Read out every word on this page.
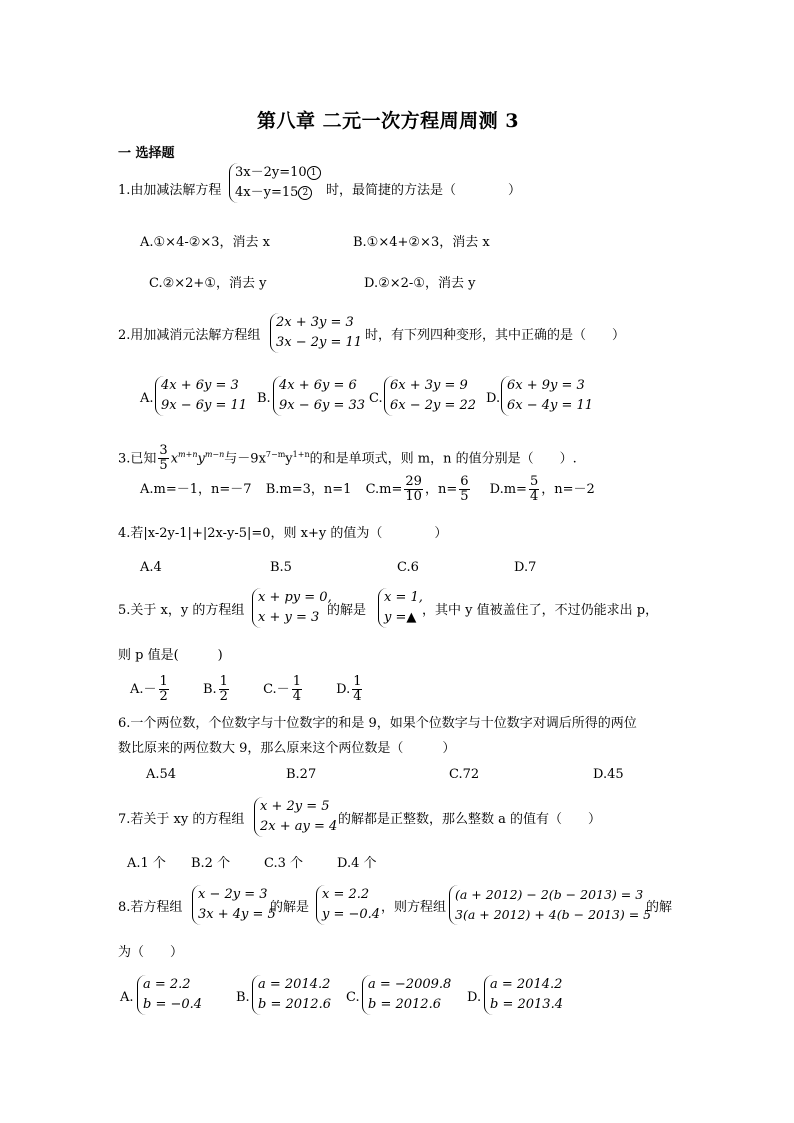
第八章 二元一次方程周周测 3
一 选择题
1.由加减法解方程
3x－2y=10 1
4x－y=15 2	时，最简捷的方法是（　　　　）
A.①×4-②×3，消去 x	B.①×4+②×3，消去 x
C.②×2+①，消去 y	D.②×2-①，消去 y
2.用加减消元法解方程组
2x + 3y = 3
3x − 2y = 11 时，有下列四种变形，其中正确的是（　　）
A.
4x + 6y = 3
9x − 6y = 11 B.
4x + 6y = 6
9x − 6y = 33 C.
6x + 3y = 9
6x − 2y = 22 D.
6x + 9y = 3
6x − 4y = 11
3.已知 $\frac{3}{5} x^{m+n}y^{m-n}$与$-9x^{7-m}y^{1+n}$的和是单项式，则 m，n 的值分别是（　　）.
A.m=－1，n=－7 B.m=3，n=1 $C.m= \frac{29}{10}$ ，$n= \frac{6}{5} D.m= \frac{5}{4}$ ，n=－2
4.若|x-2y-1|+|2x-y-5|=0，则 x+y 的值为（　　　　）
A.4	B.5	C.6	D.7
5.关于 x，y 的方程组
x + py = 0,
x + y = 3 的解是
x = 1,
y =▲ ，其中 y 值被盖住了，不过仍能求出 p，
则 p 值是(　　　)
$A.- \frac{1}{2}$	B. $\frac{1}{2}$	$C.- \frac{1}{4}$	D. $\frac{1}{4}$
6.一个两位数，个位数字与十位数字的和是 9，如果个位数字与十位数字对调后所得的两位
数比原来的两位数大 9，那么原来这个两位数是（　　　）
A.54	B.27	C.72	D.45
7.若关于 xy 的方程组
x + 2y = 5
2x + ay = 4 的解都是正整数，那么整数 a 的值有（　　）
A.1 个 B.2 个	C.3 个	D.4 个
8.若方程组
x − 2y = 3
3x + 4y = 5
的解是
x = 2.2
y = −0.4 ，则方程组
(a + 2012) − 2(b − 2013) = 3
3(a + 2012) + 4(b − 2013) = 5
的解
为（　　）
A.
a = 2.2
b = −0.4	B.
a = 2014.2
b = 2012.6 C.
a = −2009.8
b = 2012.6	D.
a = 2014.2
b = 2013.4
